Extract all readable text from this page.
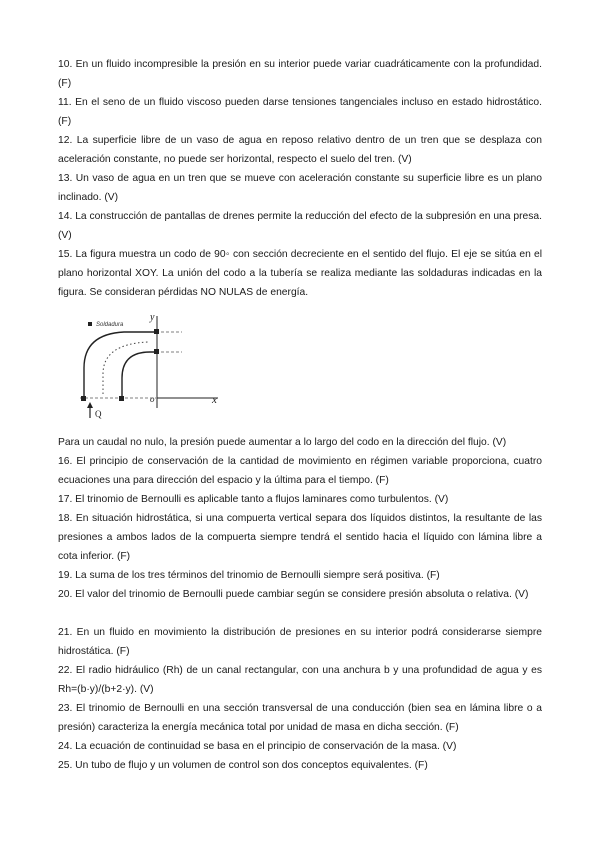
10. En un fluido incompresible la presión en su interior puede variar cuadráticamente con la profundidad. (F)

11. En el seno de un fluido viscoso pueden darse tensiones tangenciales incluso en estado hidrostático. (F)

12. La superficie libre de un vaso de agua en reposo relativo dentro de un tren que se desplaza con aceleración constante, no puede ser horizontal, respecto el suelo del tren. (V)

13. Un vaso de agua en un tren que se mueve con aceleración constante su superficie libre es un plano inclinado. (V)

14. La construcción de pantallas de drenes permite la reducción del efecto de la subpresión en una presa. (V)

15. La figura muestra un codo de 90◦ con sección decreciente en el sentido del flujo. El eje se sitúa en el plano horizontal XOY. La unión del codo a la tubería se realiza mediante las soldaduras indicadas en la figura. Se consideran pérdidas NO NULAS de energía.

Soldadura
y
x
o
Q

Para un caudal no nulo, la presión puede aumentar a lo largo del codo en la dirección del flujo. (V)

16. El principio de conservación de la cantidad de movimiento en régimen variable proporciona, cuatro ecuaciones una para dirección del espacio y la última para el tiempo. (F)

17. El trinomio de Bernoulli es aplicable tanto a flujos laminares como turbulentos. (V)

18. En situación hidrostática, si una compuerta vertical separa dos líquidos distintos, la resultante de las presiones a ambos lados de la compuerta siempre tendrá el sentido hacia el líquido con lámina libre a cota inferior. (F)

19. La suma de los tres términos del trinomio de Bernoulli siempre será positiva. (F)

20. El valor del trinomio de Bernoulli puede cambiar según se considere presión absoluta o relativa. (V)

21. En un fluido en movimiento la distribución de presiones en su interior podrá considerarse siempre hidrostática. (F)

22. El radio hidráulico (Rh) de un canal rectangular, con una anchura b y una profundidad de agua y es Rh=(b·y)/(b+2·y). (V)

23. El trinomio de Bernoulli en una sección transversal de una conducción (bien sea en lámina libre o a presión) caracteriza la energía mecánica total por unidad de masa en dicha sección. (F)

24. La ecuación de continuidad se basa en el principio de conservación de la masa. (V)

25. Un tubo de flujo y un volumen de control son dos conceptos equivalentes. (F)
